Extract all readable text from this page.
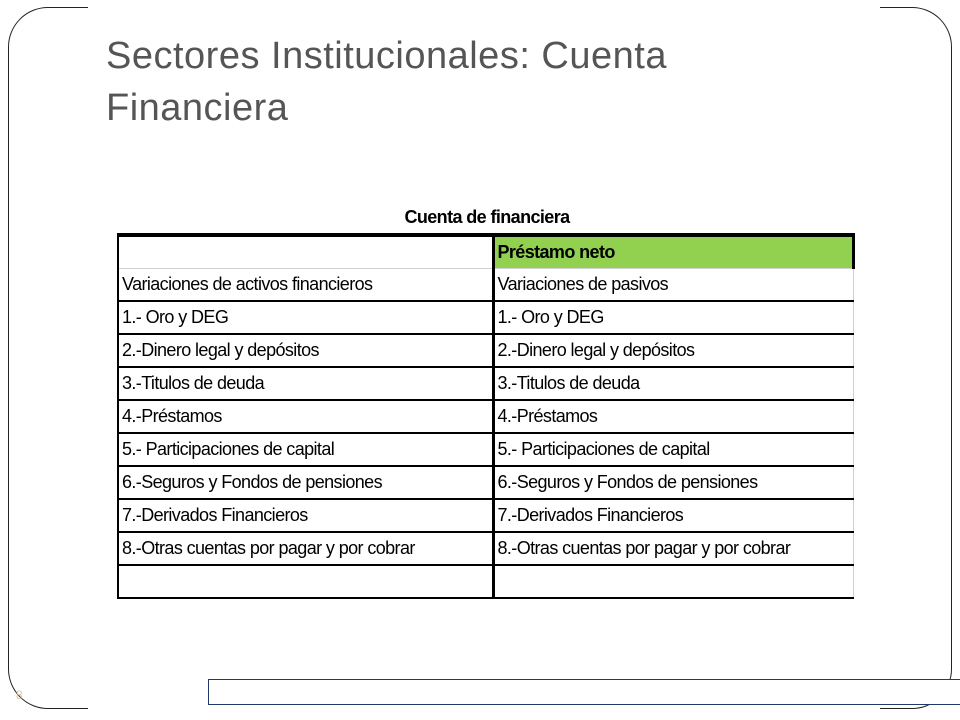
8
Sectores Institucionales: Cuenta Financiera
Cuenta de financiera	
	Préstamo neto
Variaciones de activos financieros	Variaciones de pasivos
1.- Oro y DEG	1.- Oro y DEG
2.-Dinero legal y depósitos	2.-Dinero legal y depósitos
3.-Titulos de deuda	3.-Titulos de deuda
4.-Préstamos	4.-Préstamos
5.- Participaciones de capital	5.- Participaciones de capital
6.-Seguros y Fondos de pensiones	6.-Seguros y Fondos de pensiones
7.-Derivados Financieros	7.-Derivados Financieros
8.-Otras cuentas por pagar y por cobrar	8.-Otras cuentas por pagar y por cobrar
